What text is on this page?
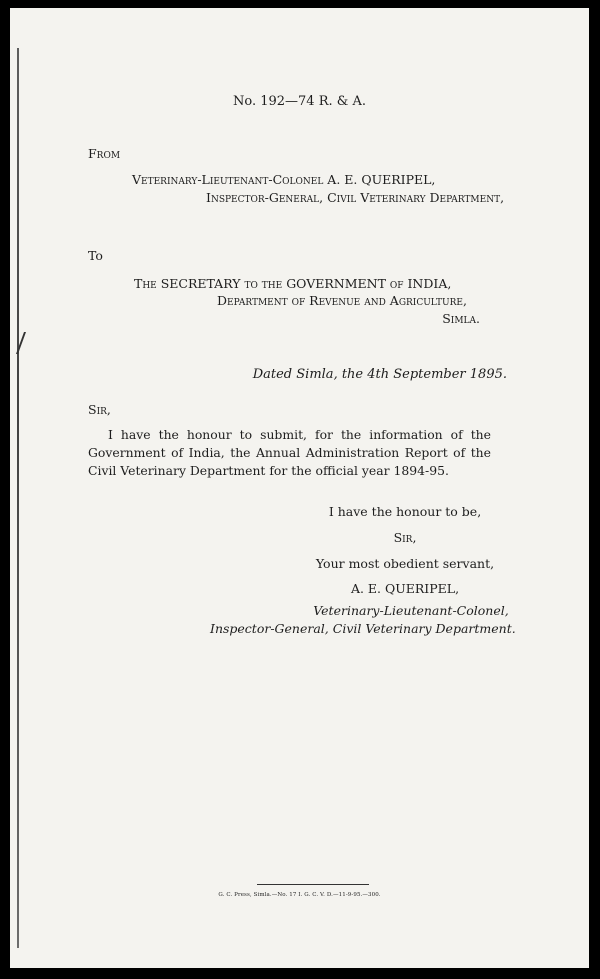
No. 192—74 R. & A.
From
Veterinary-Lieutenant-Colonel A. E. QUERIPEL,
Inspector-General, Civil Veterinary Department,
To
The SECRETARY to the GOVERNMENT of INDIA,
Department of Revenue and Agriculture,
Simla.
Dated Simla, the 4th September 1895.
Sir,
I have the honour to submit, for the information of the Government of India, the Annual Administration Report of the Civil Veterinary Department for the official year 1894-95.
I have the honour to be,
Sir,
Your most obedient servant,
A. E. QUERIPEL,
Veterinary-Lieutenant-Colonel,
Inspector-General, Civil Veterinary Department.
G. C. Press, Simla.—No. 17 I. G. C. V. D.—11-9-95.—300.
